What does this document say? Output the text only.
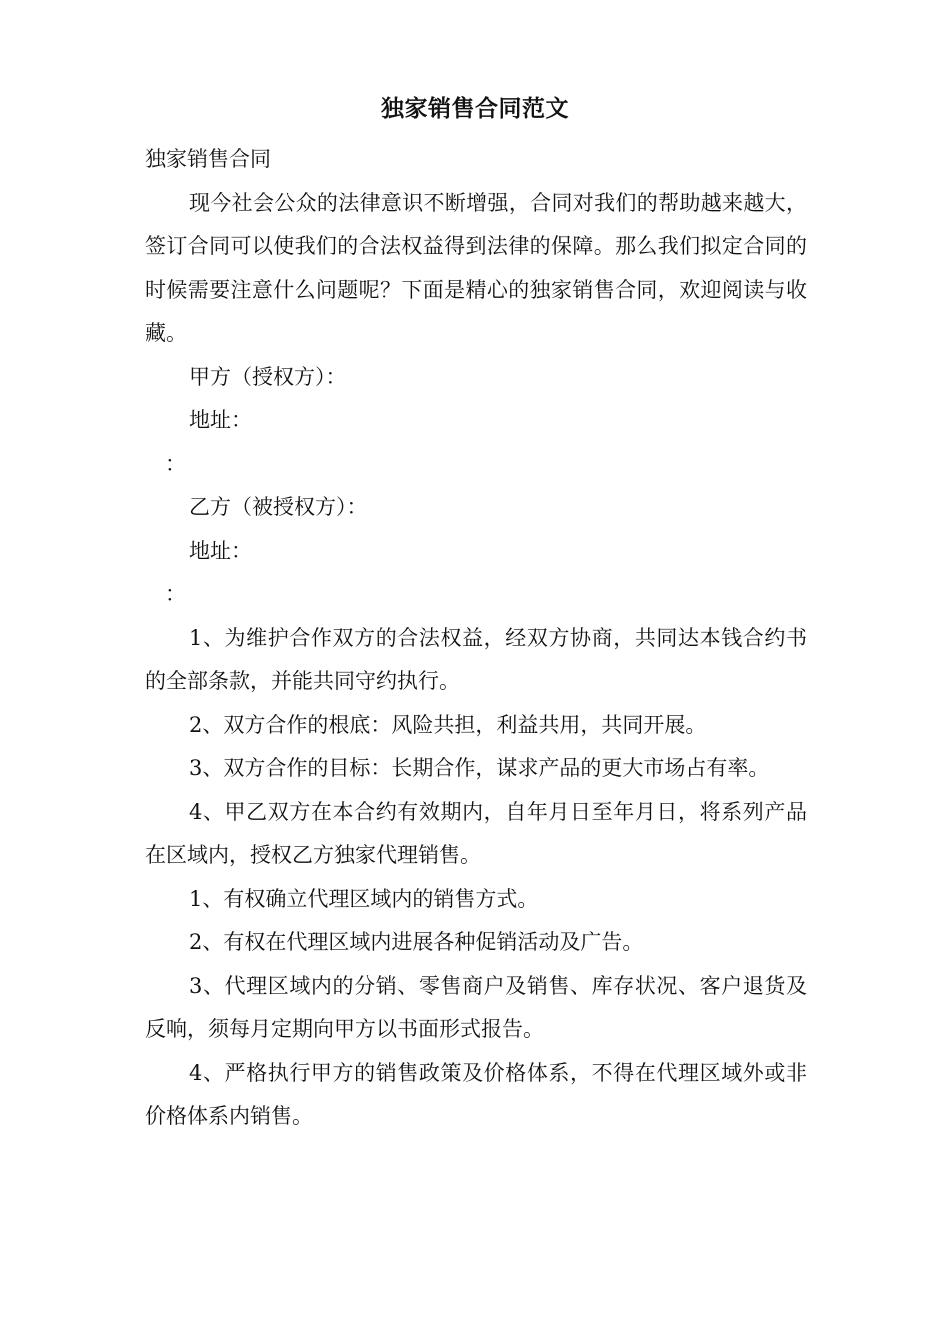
独家销售合同范文

独家销售合同

现今社会公众的法律意识不断增强，合同对我们的帮助越来越大，签订合同可以使我们的合法权益得到法律的保障。那么我们拟定合同的时候需要注意什么问题呢？下面是精心的独家销售合同，欢迎阅读与收藏。

甲方（授权方）：

地址：

：

乙方（被授权方）：

地址：

：

1、为维护合作双方的合法权益，经双方协商，共同达本钱合约书的全部条款，并能共同守约执行。

2、双方合作的根底：风险共担，利益共用，共同开展。

3、双方合作的目标：长期合作，谋求产品的更大市场占有率。

4、甲乙双方在本合约有效期内，自年月日至年月日，将系列产品在区域内，授权乙方独家代理销售。

1、有权确立代理区域内的销售方式。

2、有权在代理区域内进展各种促销活动及广告。

3、代理区域内的分销、零售商户及销售、库存状况、客户退货及反响，须每月定期向甲方以书面形式报告。

4、严格执行甲方的销售政策及价格体系，不得在代理区域外或非价格体系内销售。
